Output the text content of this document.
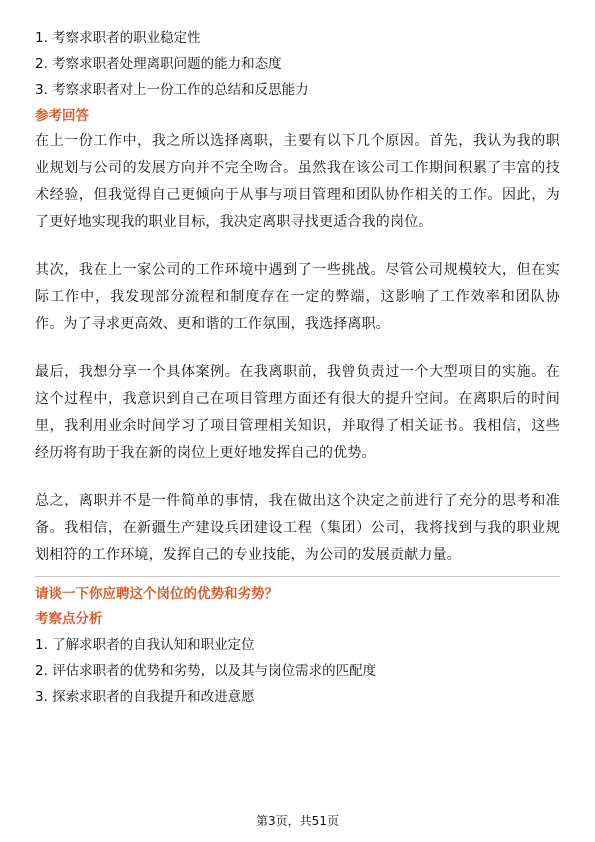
1. 考察求职者的职业稳定性

2. 考察求职者处理离职问题的能力和态度

3. 考察求职者对上一份工作的总结和反思能力

参考回答

在上一份工作中，我之所以选择离职，主要有以下几个原因。首先，我认为我的职业规划与公司的发展方向并不完全吻合。虽然我在该公司工作期间积累了丰富的技术经验，但我觉得自己更倾向于从事与项目管理和团队协作相关的工作。因此，为了更好地实现我的职业目标，我决定离职寻找更适合我的岗位。

其次，我在上一家公司的工作环境中遇到了一些挑战。尽管公司规模较大，但在实际工作中，我发现部分流程和制度存在一定的弊端，这影响了工作效率和团队协作。为了寻求更高效、更和谐的工作氛围，我选择离职。

最后，我想分享一个具体案例。在我离职前，我曾负责过一个大型项目的实施。在这个过程中，我意识到自己在项目管理方面还有很大的提升空间。在离职后的时间里，我利用业余时间学习了项目管理相关知识，并取得了相关证书。我相信，这些经历将有助于我在新的岗位上更好地发挥自己的优势。

总之，离职并不是一件简单的事情，我在做出这个决定之前进行了充分的思考和准备。我相信，在新疆生产建设兵团建设工程（集团）公司，我将找到与我的职业规划相符的工作环境，发挥自己的专业技能，为公司的发展贡献力量。

请谈一下你应聘这个岗位的优势和劣势？

考察点分析

1. 了解求职者的自我认知和职业定位

2. 评估求职者的优势和劣势，以及其与岗位需求的匹配度

3. 探索求职者的自我提升和改进意愿

第3页，共51页
